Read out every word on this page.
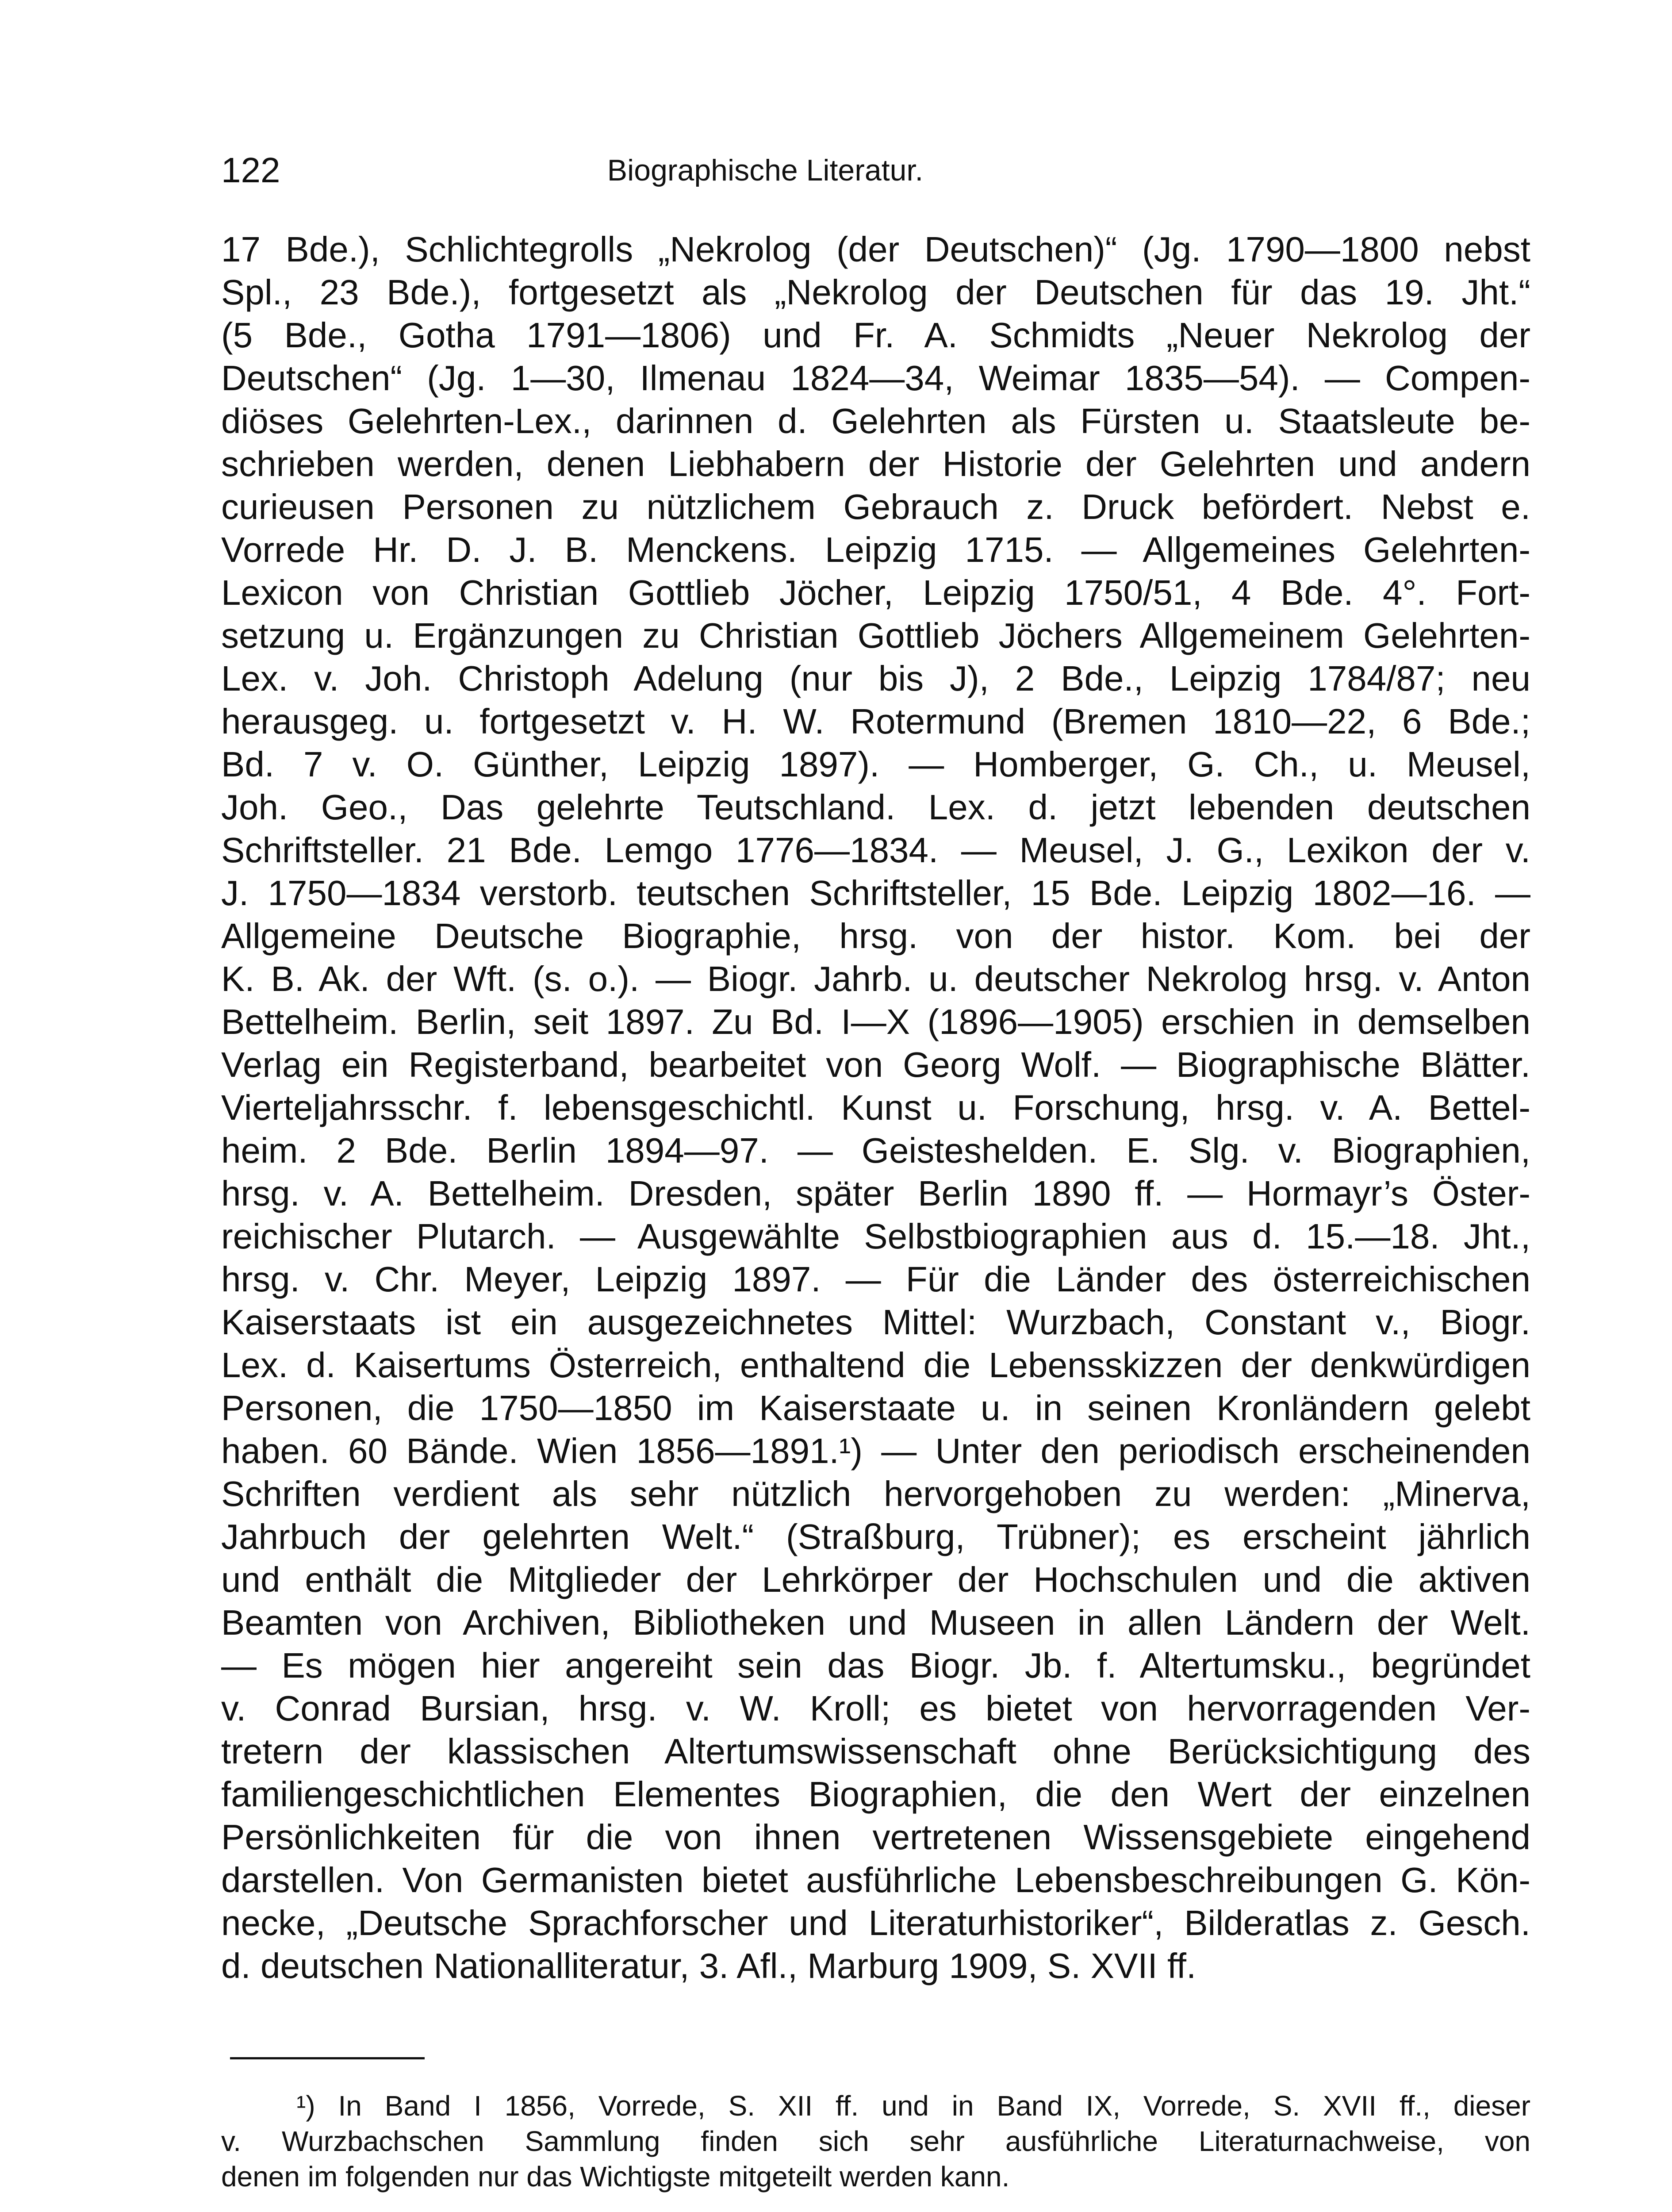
122	Biographische Literatur.
17 Bde.), Schlichtegrolls „Nekrolog (der Deutschen)“ (Jg. 1790—1800 nebst
Spl., 23 Bde.), fortgesetzt als „Nekrolog der Deutschen für das 19. Jht.“
(5 Bde., Gotha 1791—1806) und Fr. A. Schmidts „Neuer Nekrolog der
Deutschen“ (Jg. 1—30, Ilmenau 1824—34, Weimar 1835—54). — Compen-
diöses Gelehrten-Lex., darinnen d. Gelehrten als Fürsten u. Staatsleute be-
schrieben werden, denen Liebhabern der Historie der Gelehrten und andern
curieusen Personen zu nützlichem Gebrauch z. Druck befördert. Nebst e.
Vorrede Hr. D. J. B. Menckens. Leipzig 1715. — Allgemeines Gelehrten-
Lexicon von Christian Gottlieb Jöcher, Leipzig 1750/51, 4 Bde. 4°. Fort-
setzung u. Ergänzungen zu Christian Gottlieb Jöchers Allgemeinem Gelehrten-
Lex. v. Joh. Christoph Adelung (nur bis J), 2 Bde., Leipzig 1784/87; neu
herausgeg. u. fortgesetzt v. H. W. Rotermund (Bremen 1810—22, 6 Bde.;
Bd. 7 v. O. Günther, Leipzig 1897). — Homberger, G. Ch., u. Meusel,
Joh. Geo., Das gelehrte Teutschland. Lex. d. jetzt lebenden deutschen
Schriftsteller. 21 Bde. Lemgo 1776—1834. — Meusel, J. G., Lexikon der v.
J. 1750—1834 verstorb. teutschen Schriftsteller, 15 Bde. Leipzig 1802—16. —
Allgemeine Deutsche Biographie, hrsg. von der histor. Kom. bei der
K. B. Ak. der Wft. (s. o.). — Biogr. Jahrb. u. deutscher Nekrolog hrsg. v. Anton
Bettelheim. Berlin, seit 1897. Zu Bd. I—X (1896—1905) erschien in demselben
Verlag ein Registerband, bearbeitet von Georg Wolf. — Biographische Blätter.
Vierteljahrsschr. f. lebensgeschichtl. Kunst u. Forschung, hrsg. v. A. Bettel-
heim. 2 Bde. Berlin 1894—97. — Geisteshelden. E. Slg. v. Biographien,
hrsg. v. A. Bettelheim. Dresden, später Berlin 1890 ff. — Hormayr’s Öster-
reichischer Plutarch. — Ausgewählte Selbstbiographien aus d. 15.—18. Jht.,
hrsg. v. Chr. Meyer, Leipzig 1897. — Für die Länder des österreichischen
Kaiserstaats ist ein ausgezeichnetes Mittel: Wurzbach, Constant v., Biogr.
Lex. d. Kaisertums Österreich, enthaltend die Lebensskizzen der denkwürdigen
Personen, die 1750—1850 im Kaiserstaate u. in seinen Kronländern gelebt
haben. 60 Bände. Wien 1856—1891.¹) — Unter den periodisch erscheinenden
Schriften verdient als sehr nützlich hervorgehoben zu werden: „Minerva,
Jahrbuch der gelehrten Welt.“ (Straßburg, Trübner); es erscheint jährlich
und enthält die Mitglieder der Lehrkörper der Hochschulen und die aktiven
Beamten von Archiven, Bibliotheken und Museen in allen Ländern der Welt.
— Es mögen hier angereiht sein das Biogr. Jb. f. Altertumsku., begründet
v. Conrad Bursian, hrsg. v. W. Kroll; es bietet von hervorragenden Ver-
tretern der klassischen Altertumswissenschaft ohne Berücksichtigung des
familiengeschichtlichen Elementes Biographien, die den Wert der einzelnen
Persönlichkeiten für die von ihnen vertretenen Wissensgebiete eingehend
darstellen. Von Germanisten bietet ausführliche Lebensbeschreibungen G. Kön-
necke, „Deutsche Sprachforscher und Literaturhistoriker“, Bilderatlas z. Gesch.
d. deutschen Nationalliteratur, 3. Afl., Marburg 1909, S. XVII ff.
¹) In Band I 1856, Vorrede, S. XII ff. und in Band IX, Vorrede, S. XVII ff., dieser
v. Wurzbachschen Sammlung finden sich sehr ausführliche Literaturnachweise, von
denen im folgenden nur das Wichtigste mitgeteilt werden kann.
